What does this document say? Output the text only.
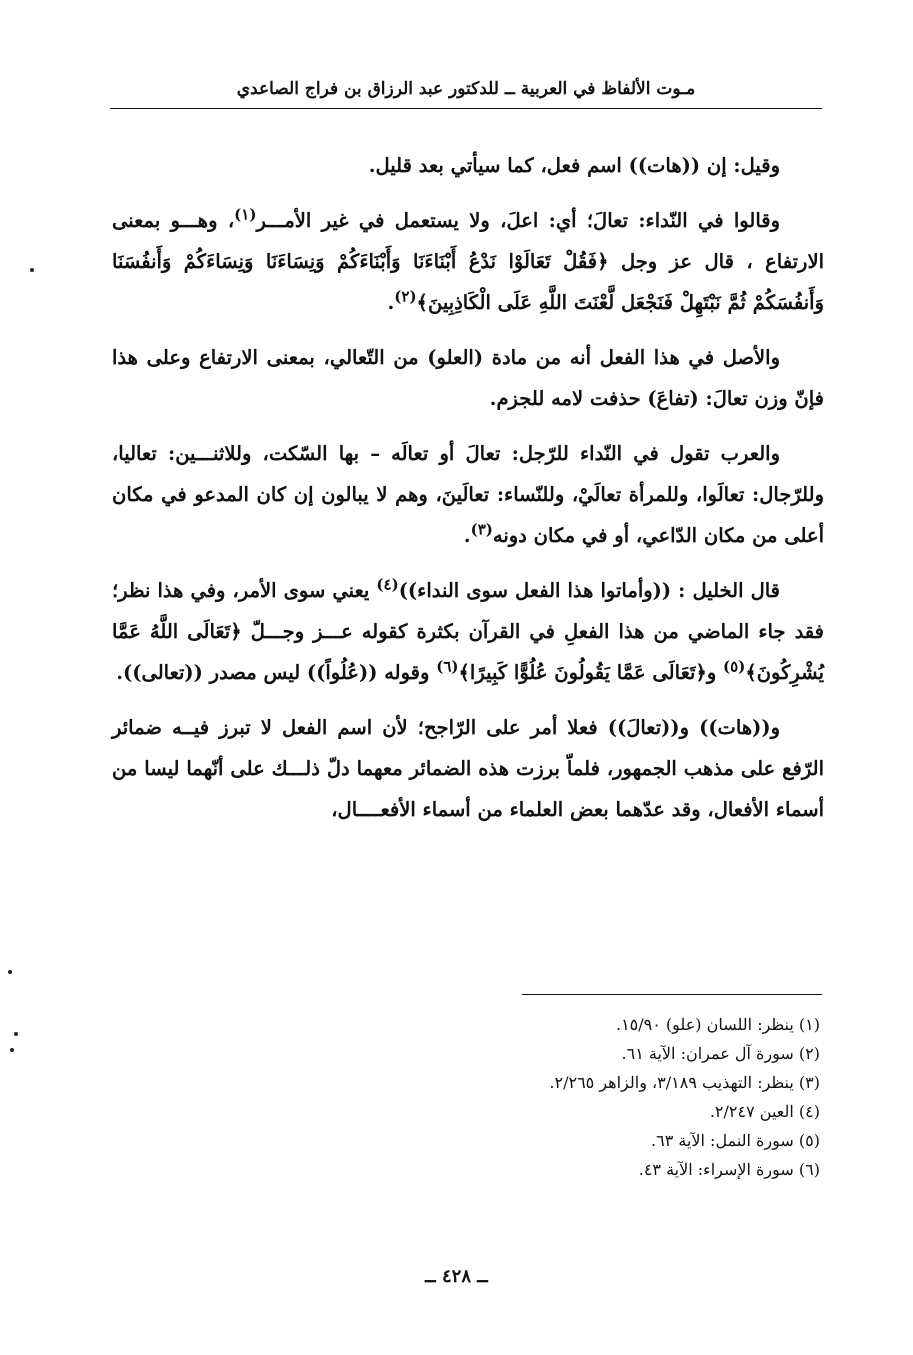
مـوت الألفاظ في العربية ــ للدكتور عبد الرزاق بن فراج الصاعدي

وقيل: إن ((هات)) اسم فعل، كما سيأتي بعد قليل.

وقالوا في النّداء: تعالَ؛ أي: اعلَ، ولا يستعمل في غير الأمـــر$^{(١)}$، وهـــو بمعنى الارتفاع ، قال عز وجل ﴿فَقُلْ تَعَالَوْا نَدْعُ أَبْنَاءَنَا وَأَبْنَاءَكُمْ وَنِسَاءَنَا وَنِسَاءَكُمْ وَأَنفُسَنَا وَأَنفُسَكُمْ ثُمَّ نَبْتَهِلْ فَنَجْعَل لَّعْنَتَ اللَّهِ عَلَى الْكَاذِبِينَ﴾$^{(٢)}$.

والأصل في هذا الفعل أنه من مادة (العلو) من التّعالي، بمعنى الارتفاع وعلى هذا فإنّ وزن تعالَ: (تفاعَ) حذفت لامه للجزم.

والعرب تقول في النّداء للرّجل: تعالَ أو تعالَه – بها السّكت، وللاثنـــين: تعاليا، وللرّجال: تعالَوا، وللمرأة تعالَيْ، وللنّساء: تعالَينَ، وهم لا يبالون إن كان المدعو في مكان أعلى من مكان الدّاعي، أو في مكان دونه$^{(٣)}$.

قال الخليل : ((وأماتوا هذا الفعل سوى النداء))$^{(٤)}$ يعني سوى الأمر، وفي هذا نظر؛ فقد جاء الماضي من هذا الفعلِ في القرآن بكثرة كقوله عـــز وجـــلّ ﴿تَعَالَى اللَّهُ عَمَّا يُشْرِكُونَ﴾$^{(٥)}$ و﴿تَعَالَى عَمَّا يَقُولُونَ عُلُوًّا كَبِيرًا﴾$^{(٦)}$ وقوله ((عُلُواً)) ليس مصدر ((تعالى)).

و((هات)) و((تعالَ)) فعلا أمر على الرّاجح؛ لأن اسم الفعل لا تبرز فيــه ضمائر الرّفع على مذهب الجمهور، فلماّ برزت هذه الضمائر معهما دلّ ذلـــك على أنّهما ليسا من أسماء الأفعال، وقد عدّهما بعض العلماء من أسماء الأفعــــال،

(١) ينظر: اللسان (علو) ١٥/٩٠.

(٢) سورة آل عمران: الآية ٦١.

(٣) ينظر: التهذيب ٣/١٨٩، والزاهر ٢/٢٦٥.

(٤) العين ٢/٢٤٧.

(٥) سورة النمل: الآية ٦٣.

(٦) سورة الإسراء: الآية ٤٣.

ــ ٤٢٨ ــ
